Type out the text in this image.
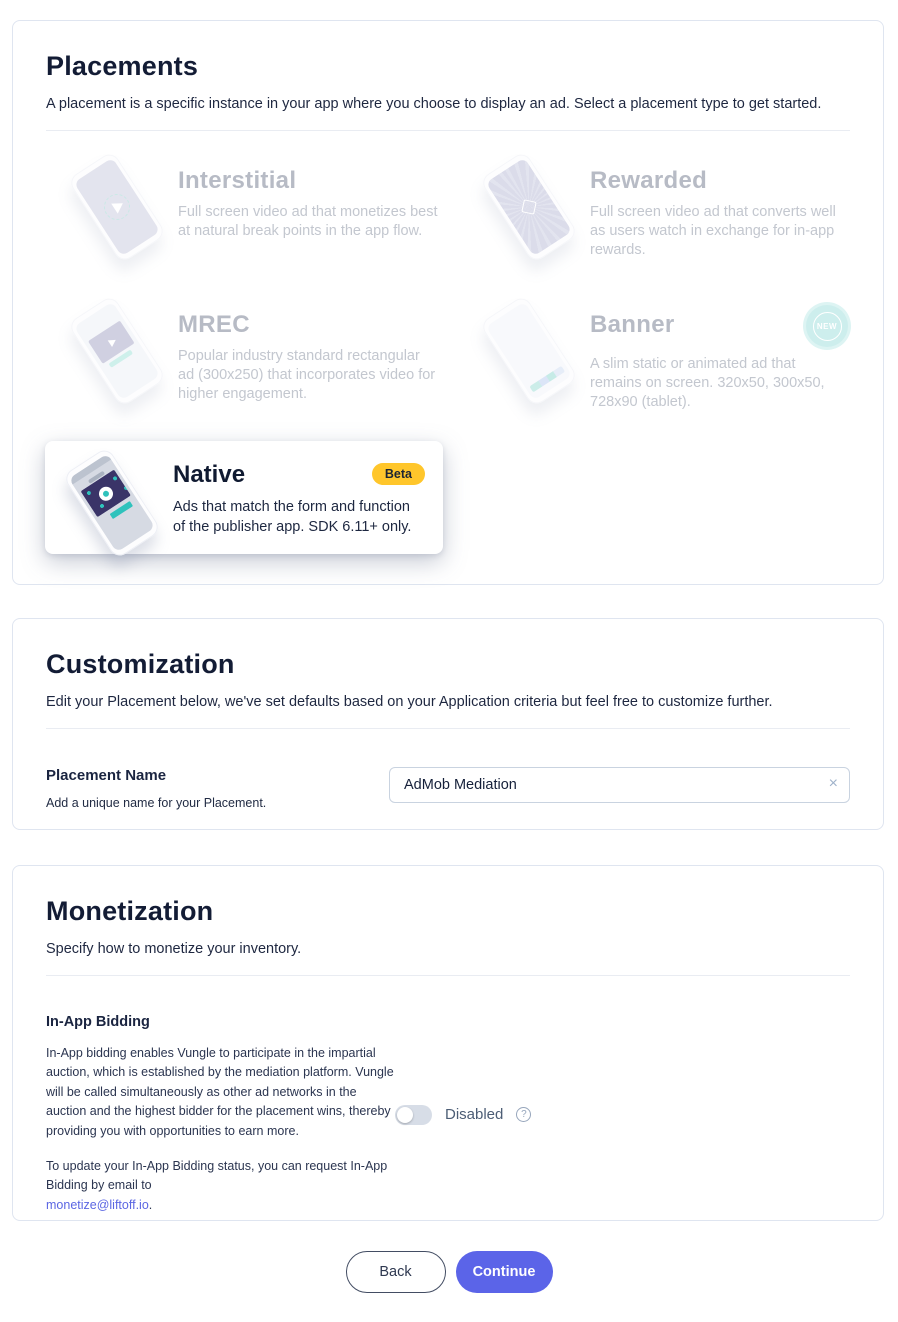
Placements

A placement is a specific instance in your app where you choose to display an ad. Select a placement type to get started.

Interstitial
Full screen video ad that monetizes best at natural break points in the app flow.
Rewarded
Full screen video ad that converts well as users watch in exchange for in-app rewards.
MREC
Popular industry standard rectangular ad (300x250) that incorporates video for higher engagement.
Banner	NEW
A slim static or animated ad that remains on screen. 320x50, 300x50, 728x90 (tablet).
Native	Beta
Ads that match the form and function of the publisher app. SDK 6.11+ only.
Customization

Edit your Placement below, we've set defaults based on your Application criteria but feel free to customize further.

Placement Name
Add a unique name for your Placement.
AdMob Mediation
×
Monetization

Specify how to monetize your inventory.

In-App Bidding

In-App bidding enables Vungle to participate in the impartial auction, which is established by the mediation platform. Vungle will be called simultaneously as other ad networks in the auction and the highest bidder for the placement wins, thereby providing you with opportunities to earn more.

To update your In-App Bidding status, you can request In-App Bidding by email to
monetize@liftoff.io.

Disabled	?
Back	Continue
